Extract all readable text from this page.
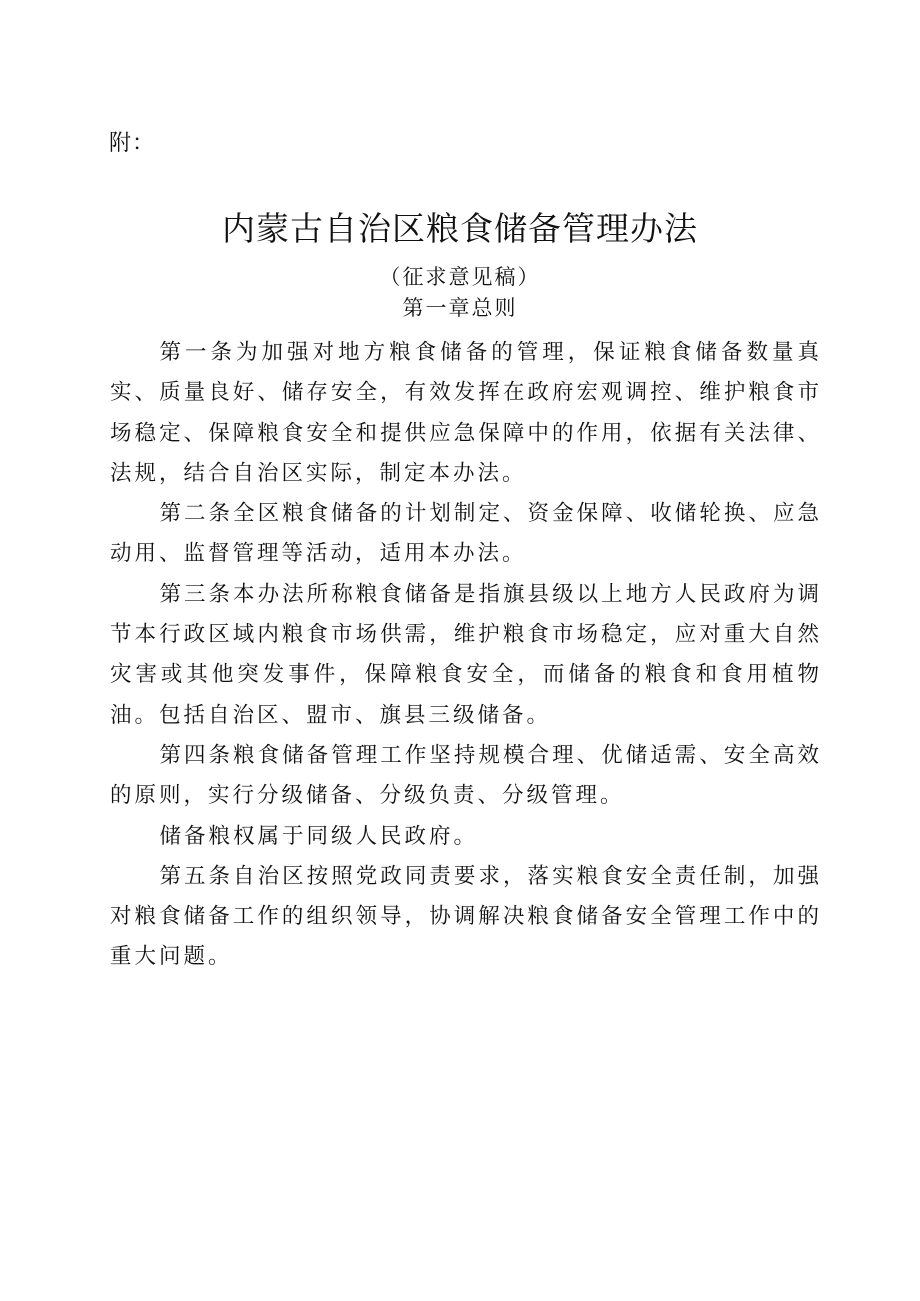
附：
内蒙古自治区粮食储备管理办法
（征求意见稿）
第一章总则

第一条为加强对地方粮食储备的管理，保证粮食储备数量真实、质量良好、储存安全，有效发挥在政府宏观调控、维护粮食市场稳定、保障粮食安全和提供应急保障中的作用，依据有关法律、法规，结合自治区实际，制定本办法。

第二条全区粮食储备的计划制定、资金保障、收储轮换、应急动用、监督管理等活动，适用本办法。

第三条本办法所称粮食储备是指旗县级以上地方人民政府为调节本行政区域内粮食市场供需，维护粮食市场稳定，应对重大自然灾害或其他突发事件，保障粮食安全，而储备的粮食和食用植物油。包括自治区、盟市、旗县三级储备。

第四条粮食储备管理工作坚持规模合理、优储适需、安全高效的原则，实行分级储备、分级负责、分级管理。

储备粮权属于同级人民政府。

第五条自治区按照党政同责要求，落实粮食安全责任制，加强对粮食储备工作的组织领导，协调解决粮食储备安全管理工作中的重大问题。
